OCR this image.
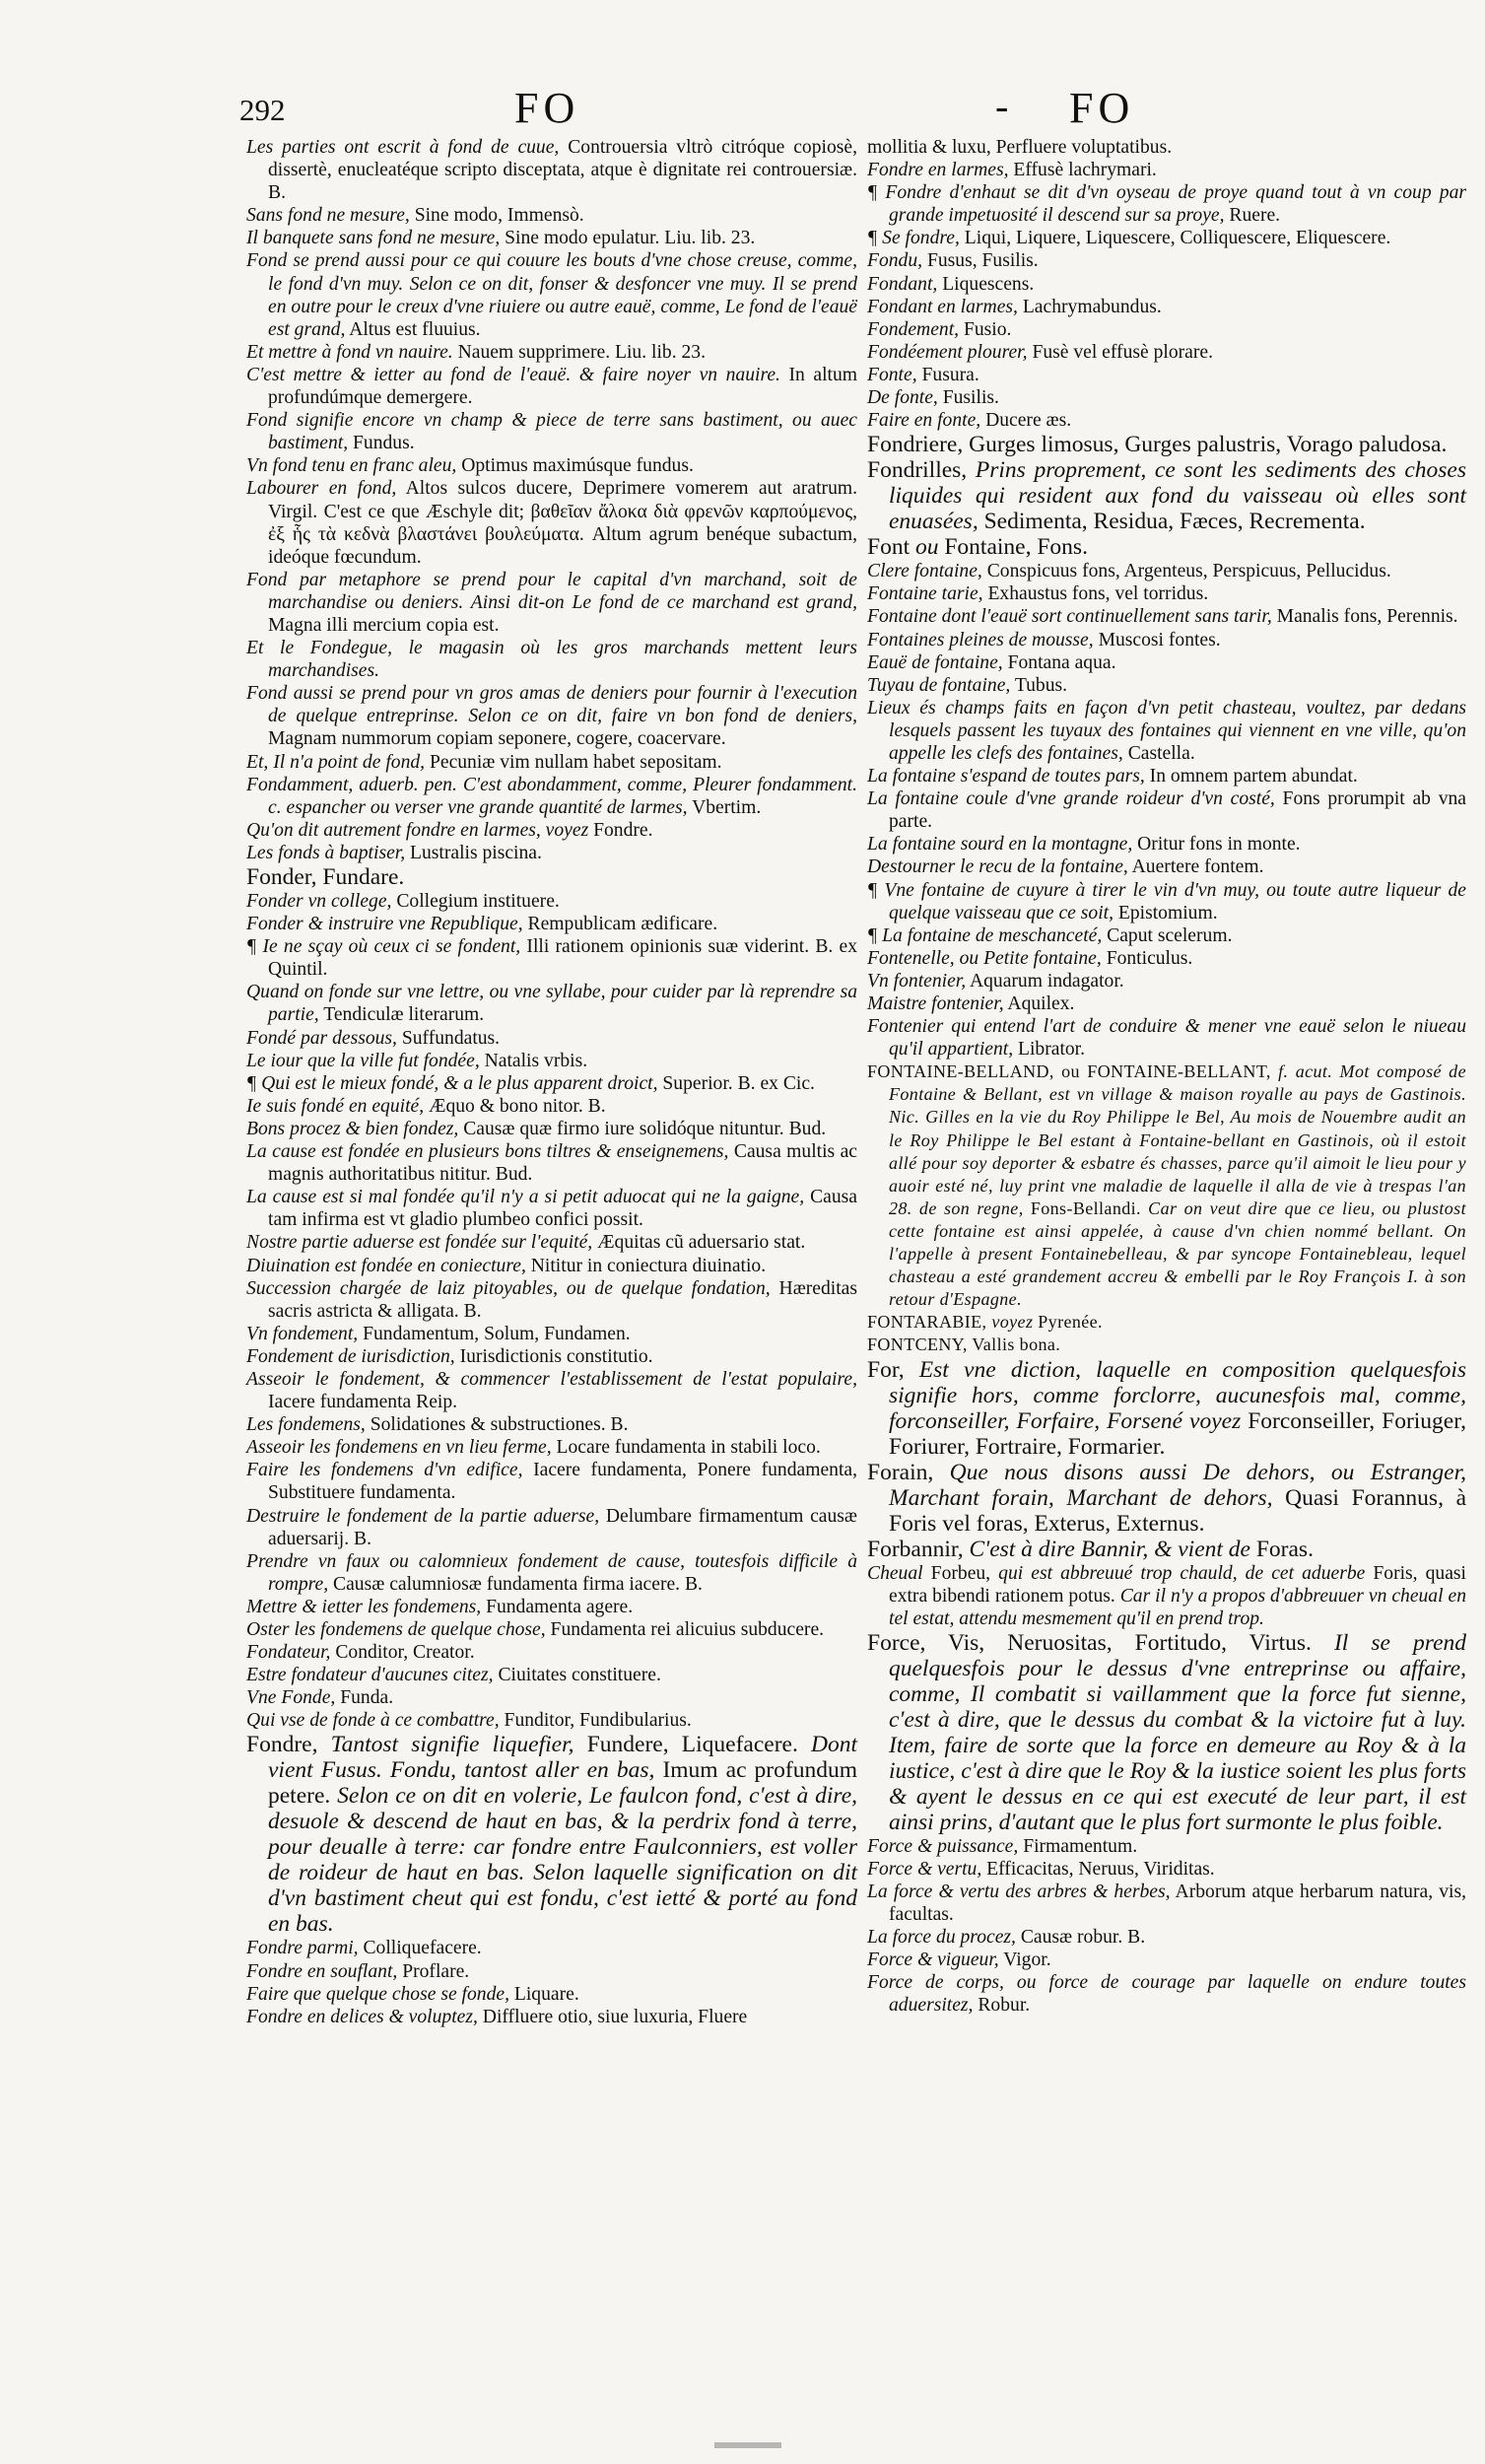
292	FO	- FO

Les parties ont escrit à fond de cuue, Controuersia vltrò citróque copiosè, dissertè, enucleatéque scripto disceptata, atque è dignitate rei controuersiæ. B.

Sans fond ne mesure, Sine modo, Immensò.

Il banquete sans fond ne mesure, Sine modo epulatur. Liu. lib. 23.

Fond se prend aussi pour ce qui couure les bouts d'vne chose creuse, comme, le fond d'vn muy. Selon ce on dit, fonser & desfoncer vne muy. Il se prend en outre pour le creux d'vne riuiere ou autre eauë, comme, Le fond de l'eauë est grand, Altus est fluuius.

Et mettre à fond vn nauire. Nauem supprimere. Liu. lib. 23.

C'est mettre & ietter au fond de l'eauë. & faire noyer vn nauire. In altum profundúmque demergere.

Fond signifie encore vn champ & piece de terre sans bastiment, ou auec bastiment, Fundus.

Vn fond tenu en franc aleu, Optimus maximúsque fundus.

Labourer en fond, Altos sulcos ducere, Deprimere vomerem aut aratrum. Virgil. C'est ce que Æschyle dit; βαθεῖαν ἄλοκα διὰ φρενῶν καρπούμενος, ἐξ ἧς τὰ κεδνὰ βλαστάνει βουλεύματα. Altum agrum benéque subactum, ideóque fœcundum.

Fond par metaphore se prend pour le capital d'vn marchand, soit de marchandise ou deniers. Ainsi dit-on Le fond de ce marchand est grand, Magna illi mercium copia est.

Et le Fondegue, le magasin où les gros marchands mettent leurs marchandises.

Fond aussi se prend pour vn gros amas de deniers pour fournir à l'execution de quelque entreprinse. Selon ce on dit, faire vn bon fond de deniers, Magnam nummorum copiam seponere, cogere, coacervare.

Et, Il n'a point de fond, Pecuniæ vim nullam habet sepositam.

Fondamment, aduerb. pen. C'est abondamment, comme, Pleurer fondamment. c. espancher ou verser vne grande quantité de larmes, Vbertim.

Qu'on dit autrement fondre en larmes, voyez Fondre.

Les fonds à baptiser, Lustralis piscina.

Fonder, Fundare.

Fonder vn college, Collegium instituere.

Fonder & instruire vne Republique, Rempublicam ædificare.

¶ Ie ne sçay où ceux ci se fondent, Illi rationem opinionis suæ viderint. B. ex Quintil.

Quand on fonde sur vne lettre, ou vne syllabe, pour cuider par là reprendre sa partie, Tendiculæ literarum.

Fondé par dessous, Suffundatus.

Le iour que la ville fut fondée, Natalis vrbis.

¶ Qui est le mieux fondé, & a le plus apparent droict, Superior. B. ex Cic.

Ie suis fondé en equité, Æquo & bono nitor. B.

Bons procez & bien fondez, Causæ quæ firmo iure solidóque nituntur. Bud.

La cause est fondée en plusieurs bons tiltres & enseignemens, Causa multis ac magnis authoritatibus nititur. Bud.

La cause est si mal fondée qu'il n'y a si petit aduocat qui ne la gaigne, Causa tam infirma est vt gladio plumbeo confici possit.

Nostre partie aduerse est fondée sur l'equité, Æquitas cũ aduersario stat.

Diuination est fondée en coniecture, Nititur in coniectura diuinatio.

Succession chargée de laiz pitoyables, ou de quelque fondation, Hæreditas sacris astricta & alligata. B.

Vn fondement, Fundamentum, Solum, Fundamen.

Fondement de iurisdiction, Iurisdictionis constitutio.

Asseoir le fondement, & commencer l'establissement de l'estat populaire, Iacere fundamenta Reip.

Les fondemens, Solidationes & substructiones. B.

Asseoir les fondemens en vn lieu ferme, Locare fundamenta in stabili loco.

Faire les fondemens d'vn edifice, Iacere fundamenta, Ponere fundamenta, Substituere fundamenta.

Destruire le fondement de la partie aduerse, Delumbare firmamentum causæ aduersarij. B.

Prendre vn faux ou calomnieux fondement de cause, toutesfois difficile à rompre, Causæ calumniosæ fundamenta firma iacere. B.

Mettre & ietter les fondemens, Fundamenta agere.

Oster les fondemens de quelque chose, Fundamenta rei alicuius subducere.

Fondateur, Conditor, Creator.

Estre fondateur d'aucunes citez, Ciuitates constituere.

Vne Fonde, Funda.

Qui vse de fonde à ce combattre, Funditor, Fundibularius.

Fondre, Tantost signifie liquefier, Fundere, Liquefacere. Dont vient Fusus. Fondu, tantost aller en bas, Imum ac profundum petere. Selon ce on dit en volerie, Le faulcon fond, c'est à dire, desuole & descend de haut en bas, & la perdrix fond à terre, pour deualle à terre: car fondre entre Faulconniers, est voller de roideur de haut en bas. Selon laquelle signification on dit d'vn bastiment cheut qui est fondu, c'est ietté & porté au fond en bas.

Fondre parmi, Colliquefacere.

Fondre en souflant, Proflare.

Faire que quelque chose se fonde, Liquare.

Fondre en delices & voluptez, Diffluere otio, siue luxuria, Fluere

mollitia & luxu, Perfluere voluptatibus.

Fondre en larmes, Effusè lachrymari.

¶ Fondre d'enhaut se dit d'vn oyseau de proye quand tout à vn coup par grande impetuosité il descend sur sa proye, Ruere.

¶ Se fondre, Liqui, Liquere, Liquescere, Colliquescere, Eliquescere.

Fondu, Fusus, Fusilis.

Fondant, Liquescens.

Fondant en larmes, Lachrymabundus.

Fondement, Fusio.

Fondéement plourer, Fusè vel effusè plorare.

Fonte, Fusura.

De fonte, Fusilis.

Faire en fonte, Ducere æs.

Fondriere, Gurges limosus, Gurges palustris, Vorago paludosa.

Fondrilles, Prins proprement, ce sont les sediments des choses liquides qui resident aux fond du vaisseau où elles sont enuasées, Sedimenta, Residua, Fæces, Recrementa.

Font ou Fontaine, Fons.

Clere fontaine, Conspicuus fons, Argenteus, Perspicuus, Pellucidus.

Fontaine tarie, Exhaustus fons, vel torridus.

Fontaine dont l'eauë sort continuellement sans tarir, Manalis fons, Perennis.

Fontaines pleines de mousse, Muscosi fontes.

Eauë de fontaine, Fontana aqua.

Tuyau de fontaine, Tubus.

Lieux és champs faits en façon d'vn petit chasteau, voultez, par dedans lesquels passent les tuyaux des fontaines qui viennent en vne ville, qu'on appelle les clefs des fontaines, Castella.

La fontaine s'espand de toutes pars, In omnem partem abundat.

La fontaine coule d'vne grande roideur d'vn costé, Fons prorumpit ab vna parte.

La fontaine sourd en la montagne, Oritur fons in monte.

Destourner le recu de la fontaine, Auertere fontem.

¶ Vne fontaine de cuyure à tirer le vin d'vn muy, ou toute autre liqueur de quelque vaisseau que ce soit, Epistomium.

¶ La fontaine de meschanceté, Caput scelerum.

Fontenelle, ou Petite fontaine, Fonticulus.

Vn fontenier, Aquarum indagator.

Maistre fontenier, Aquilex.

Fontenier qui entend l'art de conduire & mener vne eauë selon le niueau qu'il appartient, Librator.

FONTAINE-BELLAND, ou FONTAINE-BELLANT, f. acut. Mot composé de Fontaine & Bellant, est vn village & maison royalle au pays de Gastinois. Nic. Gilles en la vie du Roy Philippe le Bel, Au mois de Nouembre audit an le Roy Philippe le Bel estant à Fontaine-bellant en Gastinois, où il estoit allé pour soy deporter & esbatre és chasses, parce qu'il aimoit le lieu pour y auoir esté né, luy print vne maladie de laquelle il alla de vie à trespas l'an 28. de son regne, Fons-Bellandi. Car on veut dire que ce lieu, ou plustost cette fontaine est ainsi appelée, à cause d'vn chien nommé bellant. On l'appelle à present Fontainebelleau, & par syncope Fontainebleau, lequel chasteau a esté grandement accreu & embelli par le Roy François I. à son retour d'Espagne.

FONTARABIE, voyez Pyrenée.

FONTCENY, Vallis bona.

For, Est vne diction, laquelle en composition quelquesfois signifie hors, comme forclorre, aucunesfois mal, comme, forconseiller, Forfaire, Forsené voyez Forconseiller, Foriuger, Foriurer, Fortraire, Formarier.

Forain, Que nous disons aussi De dehors, ou Estranger, Marchant forain, Marchant de dehors, Quasi Forannus, à Foris vel foras, Exterus, Externus.

Forbannir, C'est à dire Bannir, & vient de Foras.

Cheual Forbeu, qui est abbreuué trop chauld, de cet aduerbe Foris, quasi extra bibendi rationem potus. Car il n'y a propos d'abbreuuer vn cheual en tel estat, attendu mesmement qu'il en prend trop.

Force, Vis, Neruositas, Fortitudo, Virtus. Il se prend quelquesfois pour le dessus d'vne entreprinse ou affaire, comme, Il combatit si vaillamment que la force fut sienne, c'est à dire, que le dessus du combat & la victoire fut à luy. Item, faire de sorte que la force en demeure au Roy & à la iustice, c'est à dire que le Roy & la iustice soient les plus forts & ayent le dessus en ce qui est executé de leur part, il est ainsi prins, d'autant que le plus fort surmonte le plus foible.

Force & puissance, Firmamentum.

Force & vertu, Efficacitas, Neruus, Viriditas.

La force & vertu des arbres & herbes, Arborum atque herbarum natura, vis, facultas.

La force du procez, Causæ robur. B.

Force & vigueur, Vigor.

Force de corps, ou force de courage par laquelle on endure toutes aduersitez, Robur.
